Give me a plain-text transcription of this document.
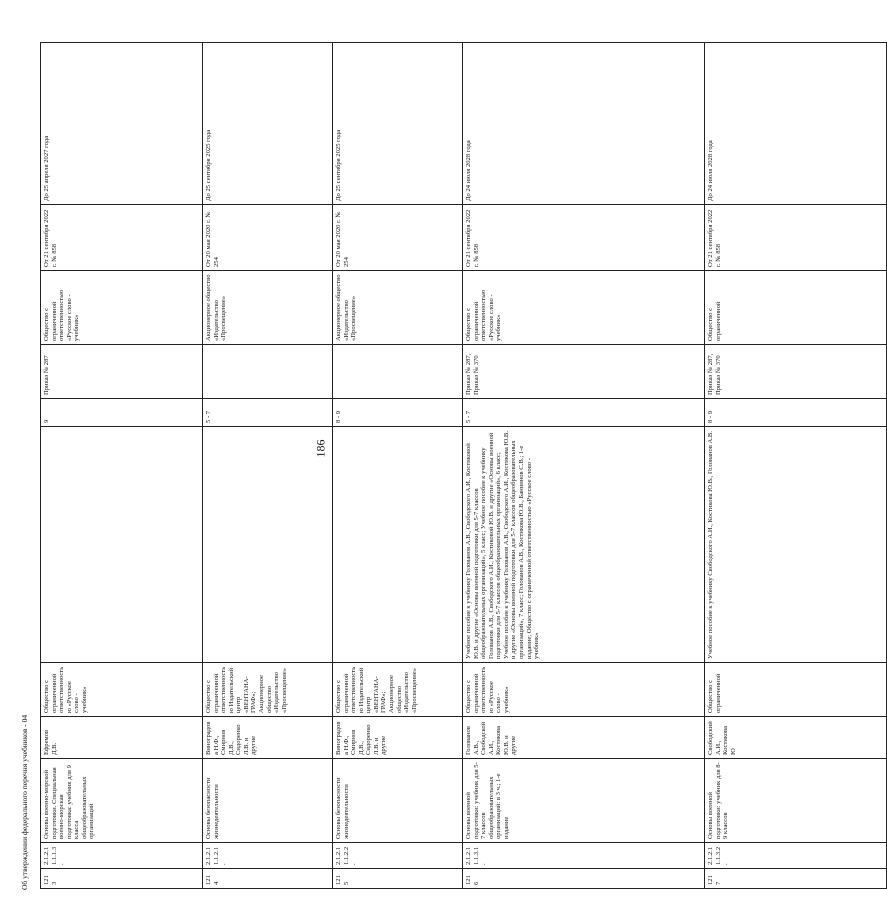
186
1213	2.1.2.11.1.1.3.	Основы военно-морской подготовки. Специальная военно-морская подготовка: учебник для 9 класса общеобразовательных организаций	Ефремов Д.В.	Общество с ограниченной ответственностью «Русское слово - учебник»		9	Приказ № 287	Общество с ограниченной ответственностью «Русское слово - учебник»	От 21 сентября 2022 г. № 858	До 25 апреля 2027 года
1214	2.1.2.11.1.2.1.	Основы безопасности жизнедеятельности	Виноградова Н.Ф., Смирнов Д.В., Сидоренко Л.В. и другие	Общество с ограниченной ответственностью Издательский центр «ВЕНТАНА-ГРАФ»; Акционерное общество «Издательство «Просвещение»		5 - 7		Акционерное общество «Издательство «Просвещение»	От 20 мая 2020 г. № 254	До 25 сентября 2025 года
1215	2.1.2.11.1.2.2.	Основы безопасности жизнедеятельности	Виноградова Н.Ф., Смирнов Д.В., Сидоренко Л.В. и другие	Общество с ограниченной ответственностью Издательский центр «ВЕНТАНА-ГРАФ»; Акционерное общество «Издательство «Просвещение»		8 - 9		Акционерное общество «Издательство «Просвещение»	От 20 мая 2020 г. № 254	До 25 сентября 2025 года
1216	2.1.2.11.1.3.1.	Основы военной подготовки: учебник для 5-7 классов общеобразовательных организаций: в 3 ч.; 1-е издание	Голованов А.В., Свободской А.И., Костикова Ю.В. и другие	Общество с ограниченной ответственностью «Русское слово - учебник»	Учебное пособие к учебнику Голованов А.В., Свободского А.И., Костиковой Ю.В. и другие «Основы военной подготовки для 5-7 классов общеобразовательных организаций», 5 класс; Учебное пособие к учебнику Голованов А.В., Свободского А.И., Костиковой Ю.В. и другие «Основы военной подготовки для 5-7 классов общеобразовательных организаций», 6 класс; Учебное пособие к учебнику Голованов А.В., Свободского А.И., Костикова Ю.В. и другие «Основы военной подготовки для 5-7 классов общеобразовательных организаций», 7 класс; Голованов А.В., Костикова Ю.В., Баннинов С.В.; 1-е издание; Общество с ограниченной ответственностью «Русское слово - учебник»	5 - 7	Приказ № 287, Приказ № 370	Общество с ограниченной ответственностью «Русское слово - учебник»	От 21 сентября 2022 г. № 858	До 24 июля 2028 года
1217	2.1.2.11.1.3.2.	Основы военной подготовки: учебник для 8-9 классов	Свободский А.И., Костикова Ю	Общество с ограниченной	Учебное пособие к учебнику Свободского А.И., Костикова Ю.В., Голованов А.В.	8 - 9	Приказ № 287, Приказ № 370	Общество с ограниченной	От 21 сентября 2022 г. № 858	До 24 июля 2028 года
Об утверждении федерального перечня учебников - 04
